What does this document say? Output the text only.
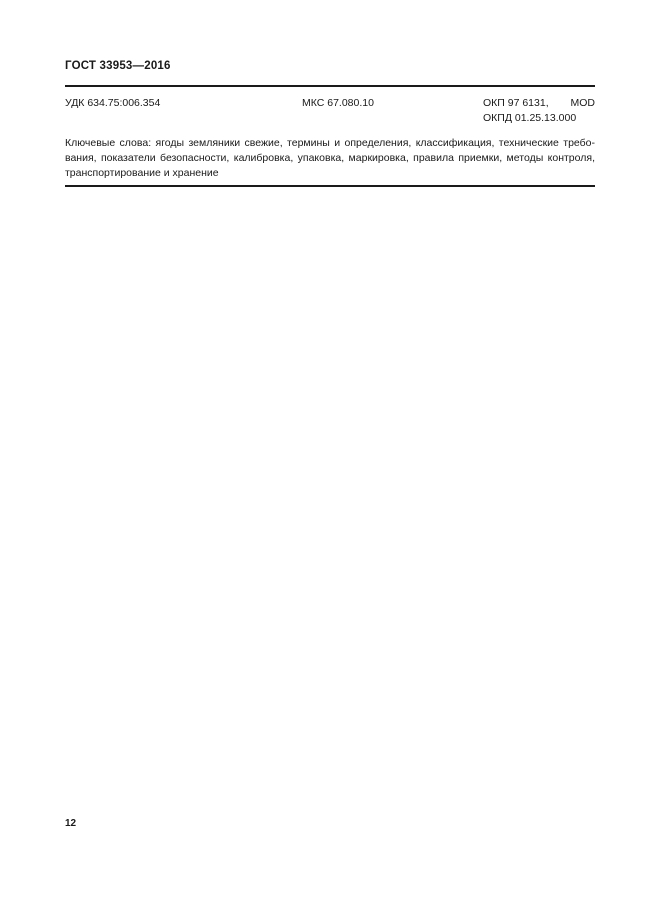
ГОСТ 33953—2016
УДК 634.75:006.354	МКС 67.080.10	ОКП 97 6131, MOD
ОКПД 01.25.13.000
Ключевые слова: ягоды земляники свежие, термины и определения, классификация, технические требо-
вания, показатели безопасности, калибровка, упаковка, маркировка, правила приемки, методы контроля,
транспортирование и хранение
12
